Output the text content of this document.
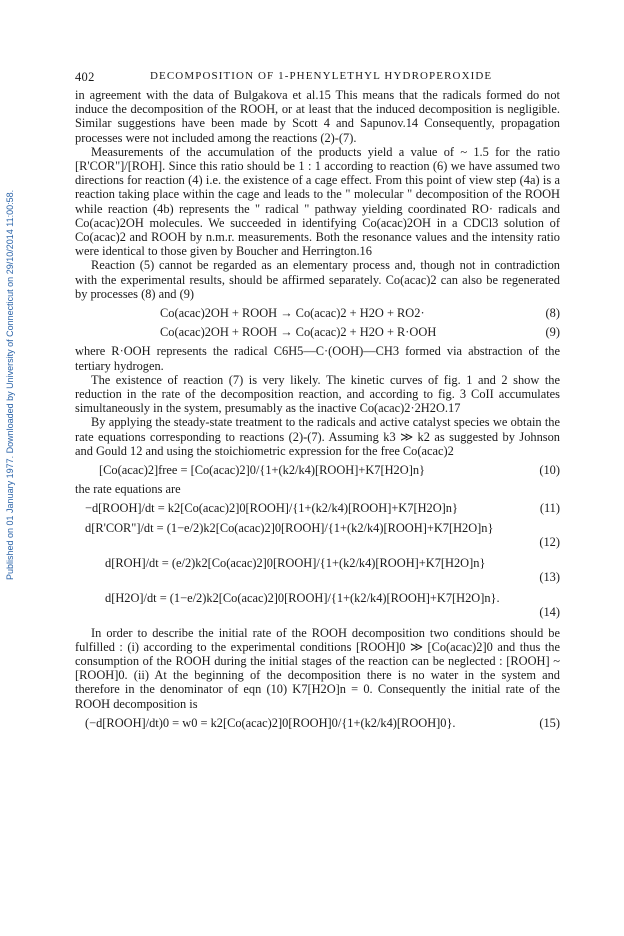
Published on 01 January 1977. Downloaded by University of Connecticut on 29/10/2014 11:00:58.
402	DECOMPOSITION OF 1-PHENYLETHYL HYDROPEROXIDE

in agreement with the data of Bulgakova et al.15 This means that the radicals formed do not induce the decomposition of the ROOH, or at least that the induced decomposition is negligible. Similar suggestions have been made by Scott 4 and Sapunov.14 Consequently, propagation processes were not included among the reactions (2)-(7).

Measurements of the accumulation of the products yield a value of ~ 1.5 for the ratio [R'COR"]/[ROH]. Since this ratio should be 1 : 1 according to reaction (6) we have assumed two directions for reaction (4) i.e. the existence of a cage effect. From this point of view step (4a) is a reaction taking place within the cage and leads to the " molecular " decomposition of the ROOH while reaction (4b) represents the " radical " pathway yielding coordinated RO· radicals and Co(acac)2OH molecules. We succeeded in identifying Co(acac)2OH in a CDCl3 solution of Co(acac)2 and ROOH by n.m.r. measurements. Both the resonance values and the intensity ratio were identical to those given by Boucher and Herrington.16

Reaction (5) cannot be regarded as an elementary process and, though not in contradiction with the experimental results, should be affirmed separately. Co(acac)2 can also be regenerated by processes (8) and (9)

Co(acac)2OH + ROOH → Co(acac)2 + H2O + RO2·	(8)
Co(acac)2OH + ROOH → Co(acac)2 + H2O + R·OOH	(9)

where R·OOH represents the radical C6H5—C·(OOH)—CH3 formed via abstraction of the tertiary hydrogen.

The existence of reaction (7) is very likely. The kinetic curves of fig. 1 and 2 show the reduction in the rate of the decomposition reaction, and according to fig. 3 CoII accumulates simultaneously in the system, presumably as the inactive Co(acac)2·2H2O.17

By applying the steady-state treatment to the radicals and active catalyst species we obtain the rate equations corresponding to reactions (2)-(7). Assuming k3 ≫ k2 as suggested by Johnson and Gould 12 and using the stoichiometric expression for the free Co(acac)2

[Co(acac)2]free = [Co(acac)2]0/{1+(k2/k4)[ROOH]+K7[H2O]n}	(10)

the rate equations are

−d[ROOH]/dt = k2[Co(acac)2]0[ROOH]/{1+(k2/k4)[ROOH]+K7[H2O]n}	(11)
d[R'COR"]/dt = (1−e/2)k2[Co(acac)2]0[ROOH]/{1+(k2/k4)[ROOH]+K7[H2O]n}
(12)
d[ROH]/dt = (e/2)k2[Co(acac)2]0[ROOH]/{1+(k2/k4)[ROOH]+K7[H2O]n}
(13)
d[H2O]/dt = (1−e/2)k2[Co(acac)2]0[ROOH]/{1+(k2/k4)[ROOH]+K7[H2O]n}.
(14)

In order to describe the initial rate of the ROOH decomposition two conditions should be fulfilled : (i) according to the experimental conditions [ROOH]0 ≫ [Co(acac)2]0 and thus the consumption of the ROOH during the initial stages of the reaction can be neglected : [ROOH] ~ [ROOH]0. (ii) At the beginning of the decomposition there is no water in the system and therefore in the denominator of eqn (10) K7[H2O]n = 0. Consequently the initial rate of the ROOH decomposition is

(−d[ROOH]/dt)0 = w0 = k2[Co(acac)2]0[ROOH]0/{1+(k2/k4)[ROOH]0}.	(15)
